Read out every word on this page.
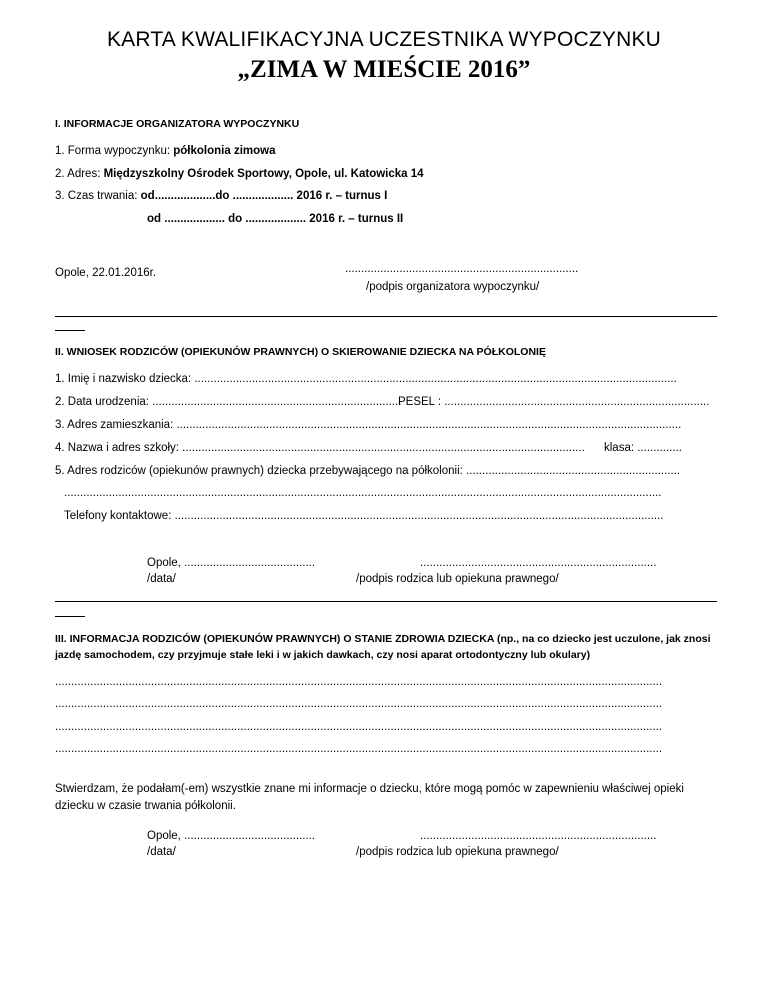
KARTA KWALIFIKACYJNA UCZESTNIKA WYPOCZYNKU
„ZIMA W MIEŚCIE 2016”
I. INFORMACJE ORGANIZATORA WYPOCZYNKU
1. Forma wypoczynku: półkolonia zimowa
2. Adres: Międzyszkolny Ośrodek Sportowy, Opole, ul. Katowicka 14
3. Czas trwania: od...................do ................... 2016 r. – turnus I
od ................... do ................... 2016 r. – turnus II
Opole, 22.01.2016r.	.........................................................................
/podpis organizatora wypoczynku/
II. WNIOSEK RODZICÓW (OPIEKUNÓW PRAWNYCH) O SKIEROWANIE DZIECKA NA PÓŁKOLONIĘ
1. Imię i nazwisko dziecka: .......................................................................................................................................................
2. Data urodzenia: ..............................................................................
PESEL : ...................................................................................
3. Adres zamieszkania: ..............................................................................................................................................................
4. Nazwa i adres szkoły: .............................................................................................................................. klasa: ..............
5. Adres rodziców (opiekunów prawnych) dziecka przebywającego na półkolonii: ...................................................................
...........................................................................................................................................................................................
Telefony kontaktowe: .........................................................................................................................................................
Opole, .........................................
/data/
..........................................................................
/podpis rodzica lub opiekuna prawnego/
III. INFORMACJA RODZICÓW (OPIEKUNÓW PRAWNYCH) O STANIE ZDROWIA DZIECKA (np., na co dziecko jest uczulone, jak znosi jazdę samochodem, czy przyjmuje stałe leki i w jakich dawkach, czy nosi aparat ortodontyczny lub okulary)
..............................................................................................................................................................................................
..............................................................................................................................................................................................
..............................................................................................................................................................................................
..............................................................................................................................................................................................
Stwierdzam, że podałam(-em) wszystkie znane mi informacje o dziecku, które mogą pomóc w zapewnieniu właściwej opieki dziecku w czasie trwania półkolonii.
Opole, .........................................
/data/
..........................................................................
/podpis rodzica lub opiekuna prawnego/
